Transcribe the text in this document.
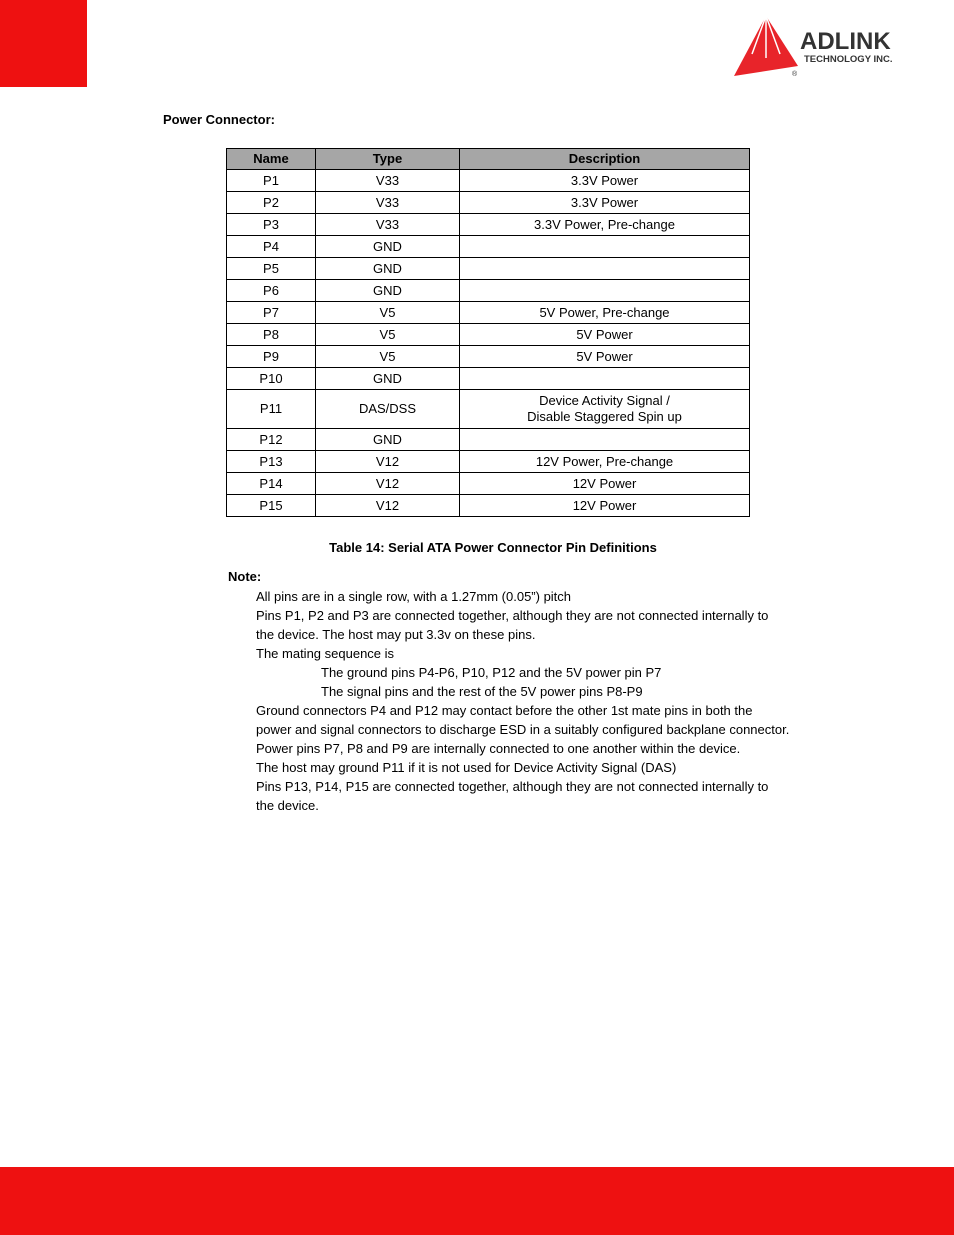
ADLINK
TECHNOLOGY INC.
®
Power Connector:
Name	Type	Description
P1	V33	3.3V Power
P2	V33	3.3V Power
P3	V33	3.3V Power, Pre-change
P4	GND	
P5	GND	
P6	GND	
P7	V5	5V Power, Pre-change
P8	V5	5V Power
P9	V5	5V Power
P10	GND	
P11	DAS/DSS	Device Activity Signal /
Disable Staggered Spin up
P12	GND	
P13	V12	12V Power, Pre-change
P14	V12	12V Power
P15	V12	12V Power
Table 14: Serial ATA Power Connector Pin Definitions
Note:
All pins are in a single row, with a 1.27mm (0.05”) pitch
Pins P1, P2 and P3 are connected together, although they are not connected internally to
the device. The host may put 3.3v on these pins.
The mating sequence is
The ground pins P4-P6, P10, P12 and the 5V power pin P7
The signal pins and the rest of the 5V power pins P8-P9
Ground connectors P4 and P12 may contact before the other 1st mate pins in both the
power and signal connectors to discharge ESD in a suitably configured backplane connector.
Power pins P7, P8 and P9 are internally connected to one another within the device.
The host may ground P11 if it is not used for Device Activity Signal (DAS)
Pins P13, P14, P15 are connected together, although they are not connected internally to
the device.
